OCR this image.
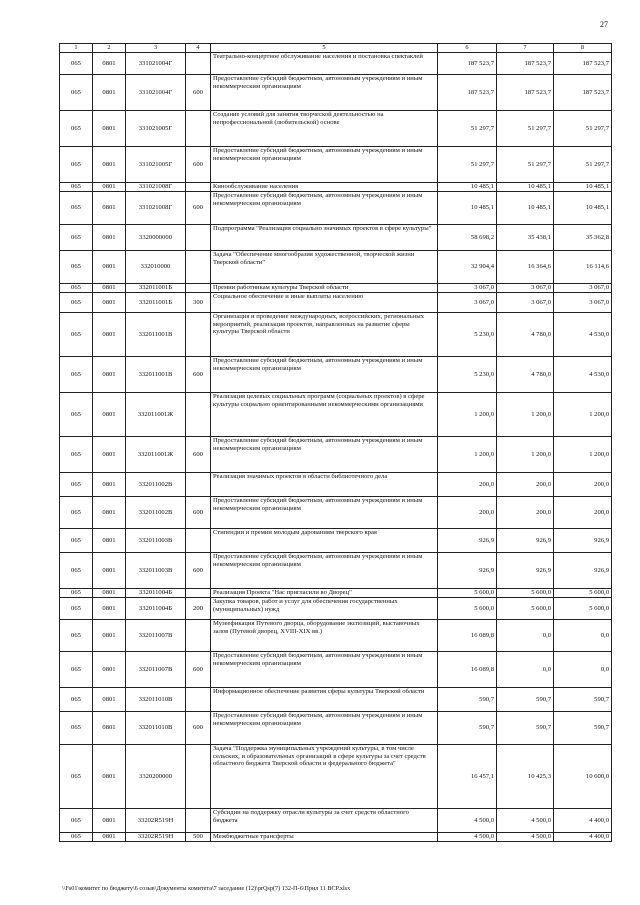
27
1	2	3	4	5	6	7	8
065	0801	331021004Г		Театрально-концертное обслуживание населения и постановка спектаклей	187 523,7	187 523,7	187 523,7
065	0801	331021004Г	600	Предоставление субсидий бюджетным, автономным учреждениям и иным некоммерческим организациям	187 523,7	187 523,7	187 523,7
065	0801	331021005Г		Создание условий для занятия творческой деятельностью на непрофессиональной (любительской) основе	51 297,7	51 297,7	51 297,7
065	0801	331021005Г	600	Предоставление субсидий бюджетным, автономным учреждениям и иным некоммерческим организациям	51 297,7	51 297,7	51 297,7
065	0801	331021008Г		Кинообслуживание населения	10 485,1	10 485,1	10 485,1
065	0801	331021008Г	600	Предоставление субсидий бюджетным, автономным учреждениям и иным некоммерческим организациям	10 485,1	10 485,1	10 485,1
065	0801	3320000000		Подпрограмма "Реализация социально значимых проектов в сфере культуры"	58 698,2	35 438,1	35 362,8
065	0801	332010000		Задача "Обеспечение многообразия художественной, творческой жизни Тверской области"	32 904,4	16 364,6	16 114,6
065	0801	332011001Б		Премии работникам культуры Тверской области	3 067,0	3 067,0	3 067,0
065	0801	332011001Б	300	Социальное обеспечение и иные выплаты населению	3 067,0	3 067,0	3 067,0
065	0801	332011001В		Организация и проведение международных, всероссийских, региональных мероприятий, реализация проектов, направленных на развитие сферы культуры Тверской области	5 230,0	4 780,0	4 530,0
065	0801	332011001В	600	Предоставление субсидий бюджетным, автономным учреждениям и иным некоммерческим организациям	5 230,0	4 780,0	4 530,0
065	0801	332011001Ж		Реализация целевых социальных программ (социальных проектов) в сфере культуры социально ориентированными некоммерческими организациями	1 200,0	1 200,0	1 200,0
065	0801	332011001Ж	600	Предоставление субсидий бюджетным, автономным учреждениям и иным некоммерческим организациям	1 200,0	1 200,0	1 200,0
065	0801	332011002В		Реализация значимых проектов в области библиотечного дела	200,0	200,0	200,0
065	0801	332011002В	600	Предоставление субсидий бюджетным, автономным учреждениям и иным некоммерческим организациям	200,0	200,0	200,0
065	0801	332011003В		Стипендии и премии молодым дарованиям тверского края	926,9	926,9	926,9
065	0801	332011003В	600	Предоставление субсидий бюджетным, автономным учреждениям и иным некоммерческим организациям	926,9	926,9	926,9
065	0801	332011004Б		Реализация Проекта "Нас пригласили во Дворец"	5 600,0	5 600,0	5 600,0
065	0801	332011004Б	200	Закупка товаров, работ и услуг для обеспечения государственных (муниципальных) нужд	5 600,0	5 600,0	5 600,0
065	0801	332011007В		Музеефикация Путевого дворца, оборудование экспозиций, выставочных залов (Путевой дворец, XVIII-XIX вв.)	16 089,8	0,0	0,0
065	0801	332011007В	600	Предоставление субсидий бюджетным, автономным учреждениям и иным некоммерческим организациям	16 089,8	0,0	0,0
065	0801	332011010В		Информационное обеспечение развития сферы культуры Тверской области	590,7	590,7	590,7
065	0801	332011010В	600	Предоставление субсидий бюджетным, автономным учреждениям и иным некоммерческим организациям	590,7	590,7	590,7
065	0801	3320200000		Задача "Поддержка муниципальных учреждений культуры, в том числе сельских, и образовательных организаций в сфере культуры за счет средств областного бюджета Тверской области и федерального бюджета"	16 457,1	10 425,3	10 600,0
065	0801	33202R519H		Субсидии на поддержку отрасли культуры за счет средств областного бюджета	4 500,0	4 500,0	4 400,0
065	0801	33202R519H	500	Межбюджетные трансферты	4 500,0	4 500,0	4 400,0
\\Fs01\комитет по бюджету\6 созыв\Документы комитета\7 заседание (12)\prQsp(7) 132-П-6\Прил 11 ВСР.xlsx
